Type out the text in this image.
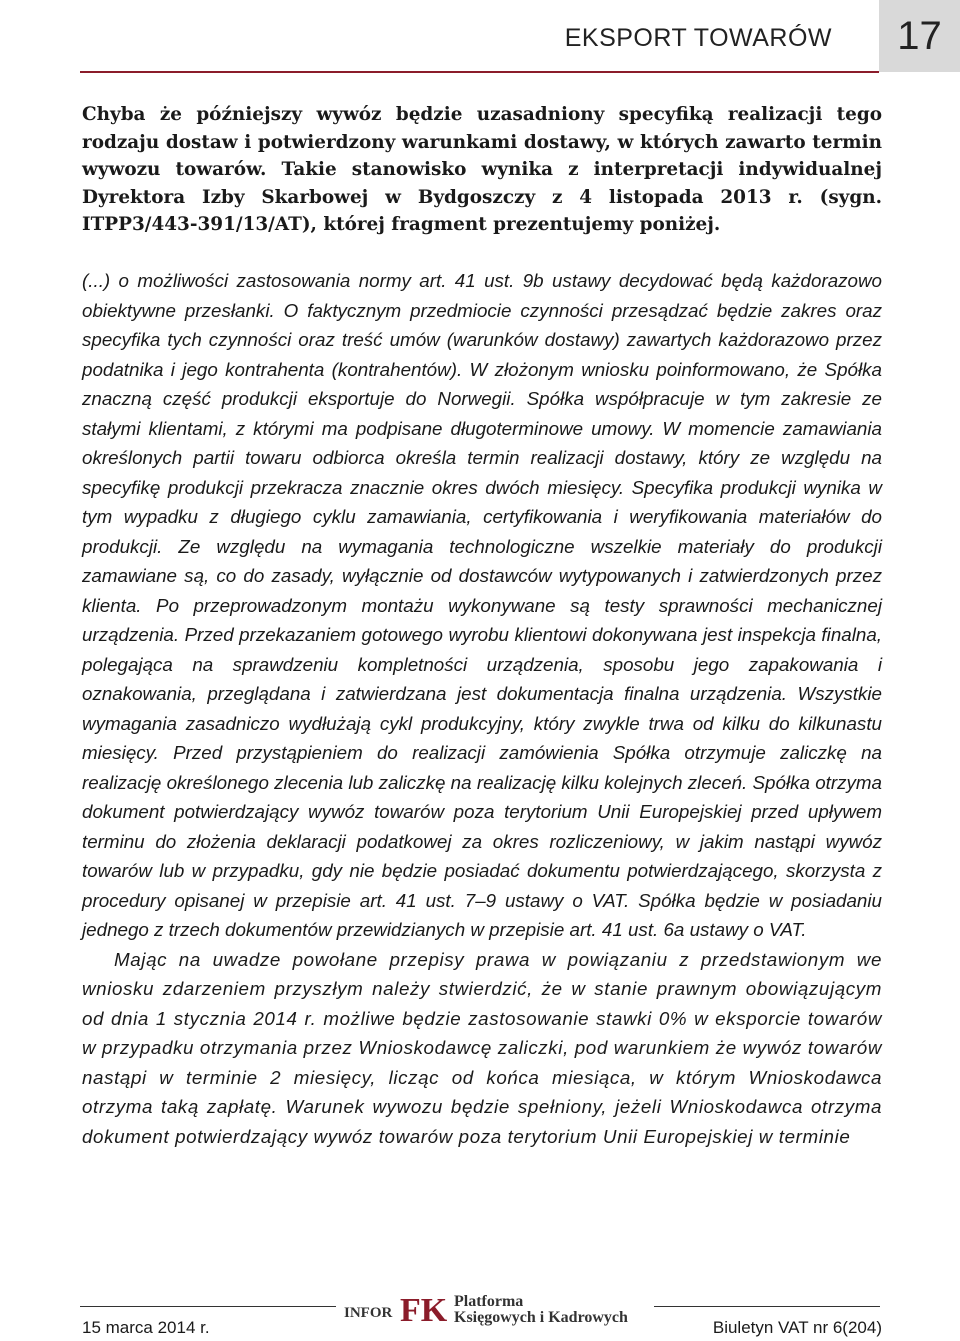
EKSPORT TOWARÓW 17

Chyba że późniejszy wywóz będzie uzasadniony specyfiką realizacji tego rodzaju dostaw i potwierdzony warunkami dostawy, w których zawarto termin wywozu towarów. Takie stanowisko wynika z interpretacji indywidualnej Dyrektora Izby Skarbowej w Bydgoszczy z 4 listopada 2013 r. (sygn. ITPP3/443-391/13/AT), której fragment prezentujemy poniżej.

(...) o możliwości zastosowania normy art. 41 ust. 9b ustawy decydować będą każdorazowo obiektywne przesłanki. O faktycznym przedmiocie czynności przesądzać będzie zakres oraz specyfika tych czynności oraz treść umów (warunków dostawy) zawartych każdorazowo przez podatnika i jego kontrahenta (kontrahentów). W złożonym wniosku poinformowano, że Spółka znaczną część produkcji eksportuje do Norwegii. Spółka współpracuje w tym zakresie ze stałymi klientami, z którymi ma podpisane długoterminowe umowy. W momencie zamawiania określonych partii towaru odbiorca określa termin realizacji dostawy, który ze względu na specyfikę produkcji przekracza znacznie okres dwóch miesięcy. Specyfika produkcji wynika w tym wypadku z długiego cyklu zamawiania, certyfikowania i weryfikowania materiałów do produkcji. Ze względu na wymagania technologiczne wszelkie materiały do produkcji zamawiane są, co do zasady, wyłącznie od dostawców wytypowanych i zatwierdzonych przez klienta. Po przeprowadzonym montażu wykonywane są testy sprawności mechanicznej urządzenia. Przed przekazaniem gotowego wyrobu klientowi dokonywana jest inspekcja finalna, polegająca na sprawdzeniu kompletności urządzenia, sposobu jego zapakowania i oznakowania, przeglądana i zatwierdzana jest dokumentacja finalna urządzenia. Wszystkie wymagania zasadniczo wydłużają cykl produkcyjny, który zwykle trwa od kilku do kilkunastu miesięcy. Przed przystąpieniem do realizacji zamówienia Spółka otrzymuje zaliczkę na realizację określonego zlecenia lub zaliczkę na realizację kilku kolejnych zleceń. Spółka otrzyma dokument potwierdzający wywóz towarów poza terytorium Unii Europejskiej przed upływem terminu do złożenia deklaracji podatkowej za okres rozliczeniowy, w jakim nastąpi wywóz towarów lub w przypadku, gdy nie będzie posiadać dokumentu potwierdzającego, skorzysta z procedury opisanej w przepisie art. 41 ust. 7–9 ustawy o VAT. Spółka będzie w posiadaniu jednego z trzech dokumentów przewidzianych w przepisie art. 41 ust. 6a ustawy o VAT.

Mając na uwadze powołane przepisy prawa w powiązaniu z przedstawionym we wniosku zdarzeniem przyszłym należy stwierdzić, że w stanie prawnym obowiązującym od dnia 1 stycznia 2014 r. możliwe będzie zastosowanie stawki 0% w eksporcie towarów w przypadku otrzymania przez Wnioskodawcę zaliczki, pod warunkiem że wywóz towarów nastąpi w terminie 2 miesięcy, licząc od końca miesiąca, w którym Wnioskodawca otrzyma taką zapłatę. Warunek wywozu będzie spełniony, jeżeli Wnioskodawca otrzyma dokument potwierdzający wywóz towarów poza terytorium Unii Europejskiej w terminie

INFOR FK Platforma
Księgowych i Kadrowych
15 marca 2014 r.	Biuletyn VAT nr 6(204)
